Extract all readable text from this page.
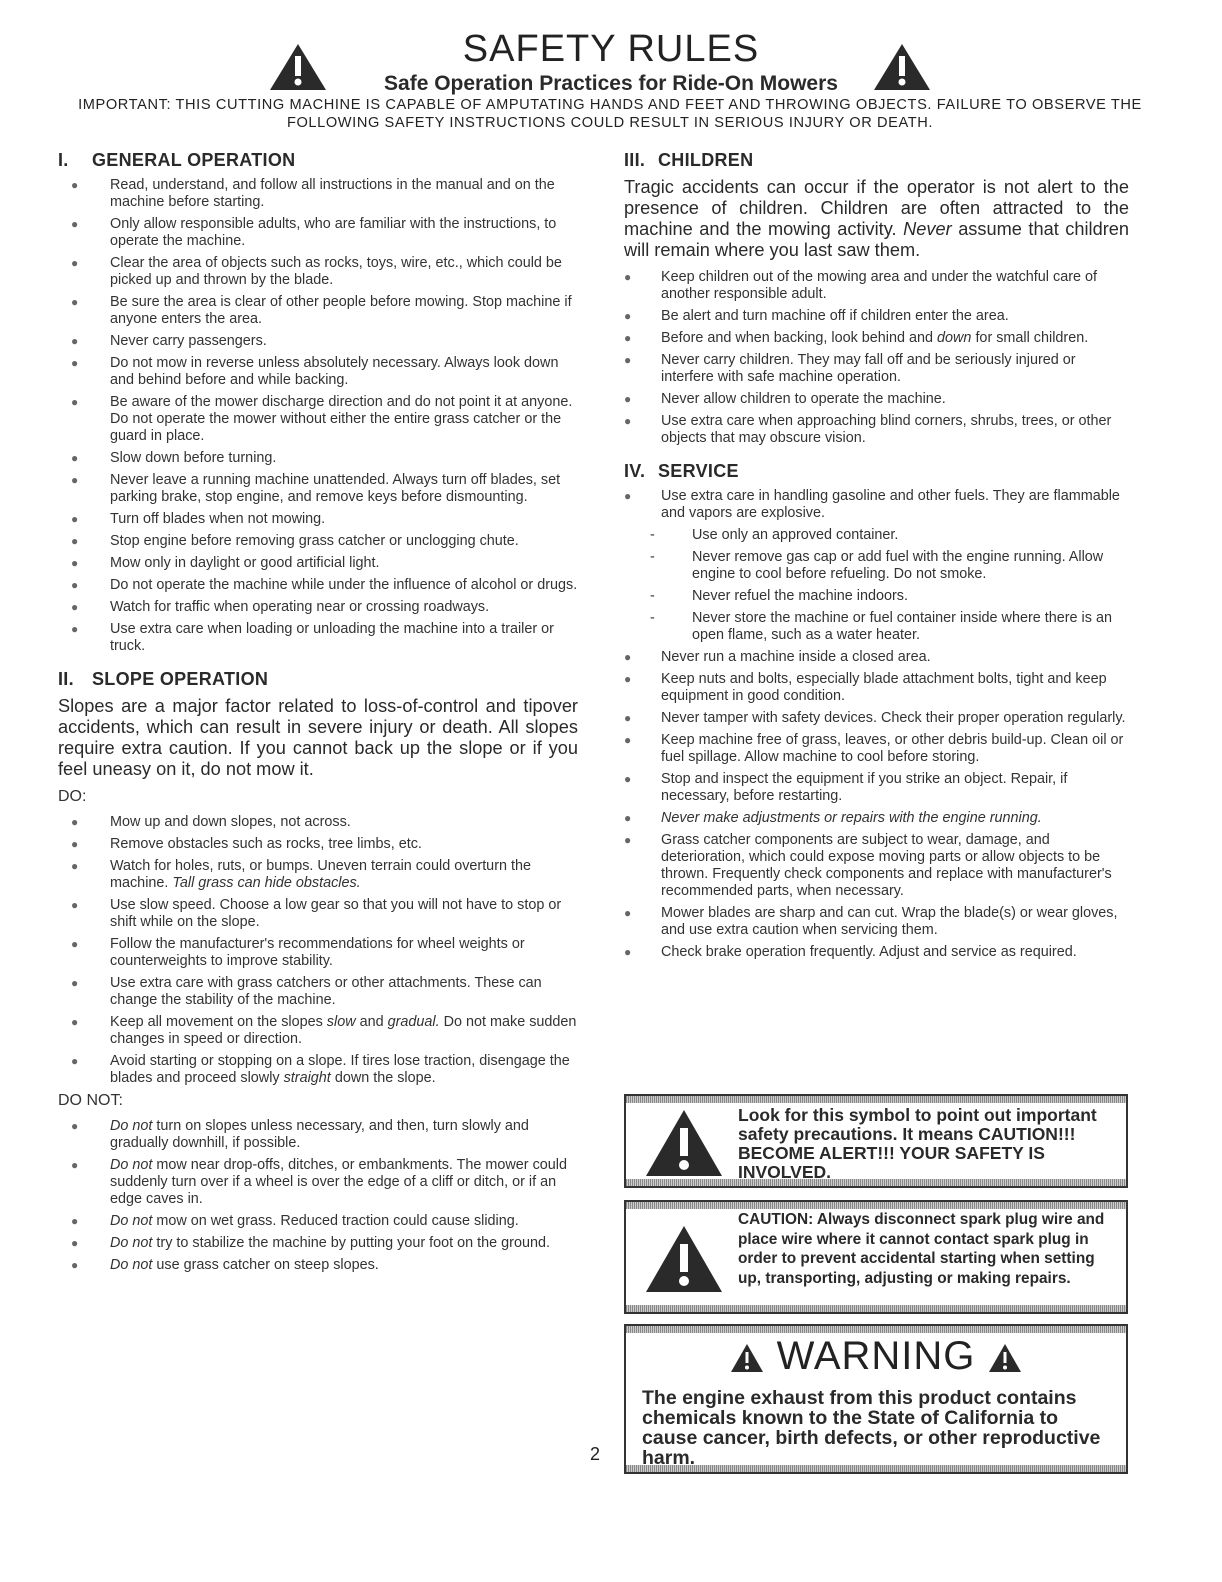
SAFETY RULES
Safe Operation Practices for Ride-On Mowers
IMPORTANT: THIS CUTTING MACHINE IS CAPABLE OF AMPUTATING HANDS AND FEET AND THROWING OBJECTS. FAILURE TO OBSERVE THE FOLLOWING SAFETY INSTRUCTIONS COULD RESULT IN SERIOUS INJURY OR DEATH.
I. GENERAL OPERATION
● Read, understand, and follow all instructions in the manual and on the machine before starting.
● Only allow responsible adults, who are familiar with the instructions, to operate the machine.
● Clear the area of objects such as rocks, toys, wire, etc., which could be picked up and thrown by the blade.
● Be sure the area is clear of other people before mowing. Stop machine if anyone enters the area.
● Never carry passengers.
● Do not mow in reverse unless absolutely necessary. Always look down and behind before and while backing.
● Be aware of the mower discharge direction and do not point it at anyone. Do not operate the mower without either the entire grass catcher or the guard in place.
● Slow down before turning.
● Never leave a running machine unattended. Always turn off blades, set parking brake, stop engine, and remove keys before dismounting.
● Turn off blades when not mowing.
● Stop engine before removing grass catcher or unclogging chute.
● Mow only in daylight or good artificial light.
● Do not operate the machine while under the influence of alcohol or drugs.
● Watch for traffic when operating near or crossing roadways.
● Use extra care when loading or unloading the machine into a trailer or truck.
II. SLOPE OPERATION

Slopes are a major factor related to loss-of-control and tipover accidents, which can result in severe injury or death. All slopes require extra caution. If you cannot back up the slope or if you feel uneasy on it, do not mow it.

DO:
● Mow up and down slopes, not across.
● Remove obstacles such as rocks, tree limbs, etc.
● Watch for holes, ruts, or bumps. Uneven terrain could overturn the machine. Tall grass can hide obstacles.
● Use slow speed. Choose a low gear so that you will not have to stop or shift while on the slope.
● Follow the manufacturer's recommendations for wheel weights or counterweights to improve stability.
● Use extra care with grass catchers or other attachments. These can change the stability of the machine.
● Keep all movement on the slopes slow and gradual. Do not make sudden changes in speed or direction.
● Avoid starting or stopping on a slope. If tires lose traction, disengage the blades and proceed slowly straight down the slope.
DO NOT:
● Do not turn on slopes unless necessary, and then, turn slowly and gradually downhill, if possible.
● Do not mow near drop-offs, ditches, or embankments. The mower could suddenly turn over if a wheel is over the edge of a cliff or ditch, or if an edge caves in.
● Do not mow on wet grass. Reduced traction could cause sliding.
● Do not try to stabilize the machine by putting your foot on the ground.
● Do not use grass catcher on steep slopes.
III. CHILDREN

Tragic accidents can occur if the operator is not alert to the presence of children. Children are often attracted to the machine and the mowing activity. Never assume that children will remain where you last saw them.

● Keep children out of the mowing area and under the watchful care of another responsible adult.
● Be alert and turn machine off if children enter the area.
● Before and when backing, look behind and down for small children.
● Never carry children. They may fall off and be seriously injured or interfere with safe machine operation.
● Never allow children to operate the machine.
● Use extra care when approaching blind corners, shrubs, trees, or other objects that may obscure vision.
IV. SERVICE
● Use extra care in handling gasoline and other fuels. They are flammable and vapors are explosive.
-	Use only an approved container.
-	Never remove gas cap or add fuel with the engine running. Allow engine to cool before refueling. Do not smoke.
-	Never refuel the machine indoors.
-	Never store the machine or fuel container inside where there is an open flame, such as a water heater.
● Never run a machine inside a closed area.
● Keep nuts and bolts, especially blade attachment bolts, tight and keep equipment in good condition.
● Never tamper with safety devices. Check their proper operation regularly.
● Keep machine free of grass, leaves, or other debris build-up. Clean oil or fuel spillage. Allow machine to cool before storing.
● Stop and inspect the equipment if you strike an object. Repair, if necessary, before restarting.
● Never make adjustments or repairs with the engine running.
● Grass catcher components are subject to wear, damage, and deterioration, which could expose moving parts or allow objects to be thrown. Frequently check components and replace with manufacturer's recommended parts, when necessary.
● Mower blades are sharp and can cut. Wrap the blade(s) or wear gloves, and use extra caution when servicing them.
● Check brake operation frequently. Adjust and service as required.
Look for this symbol to point out important safety precautions. It means CAUTION!!! BECOME ALERT!!! YOUR SAFETY IS INVOLVED.
CAUTION: Always disconnect spark plug wire and place wire where it cannot contact spark plug in order to prevent accidental starting when setting up, transporting, adjusting or making repairs.
WARNING
The engine exhaust from this product contains chemicals known to the State of California to cause cancer, birth defects, or other reproductive harm.
2
